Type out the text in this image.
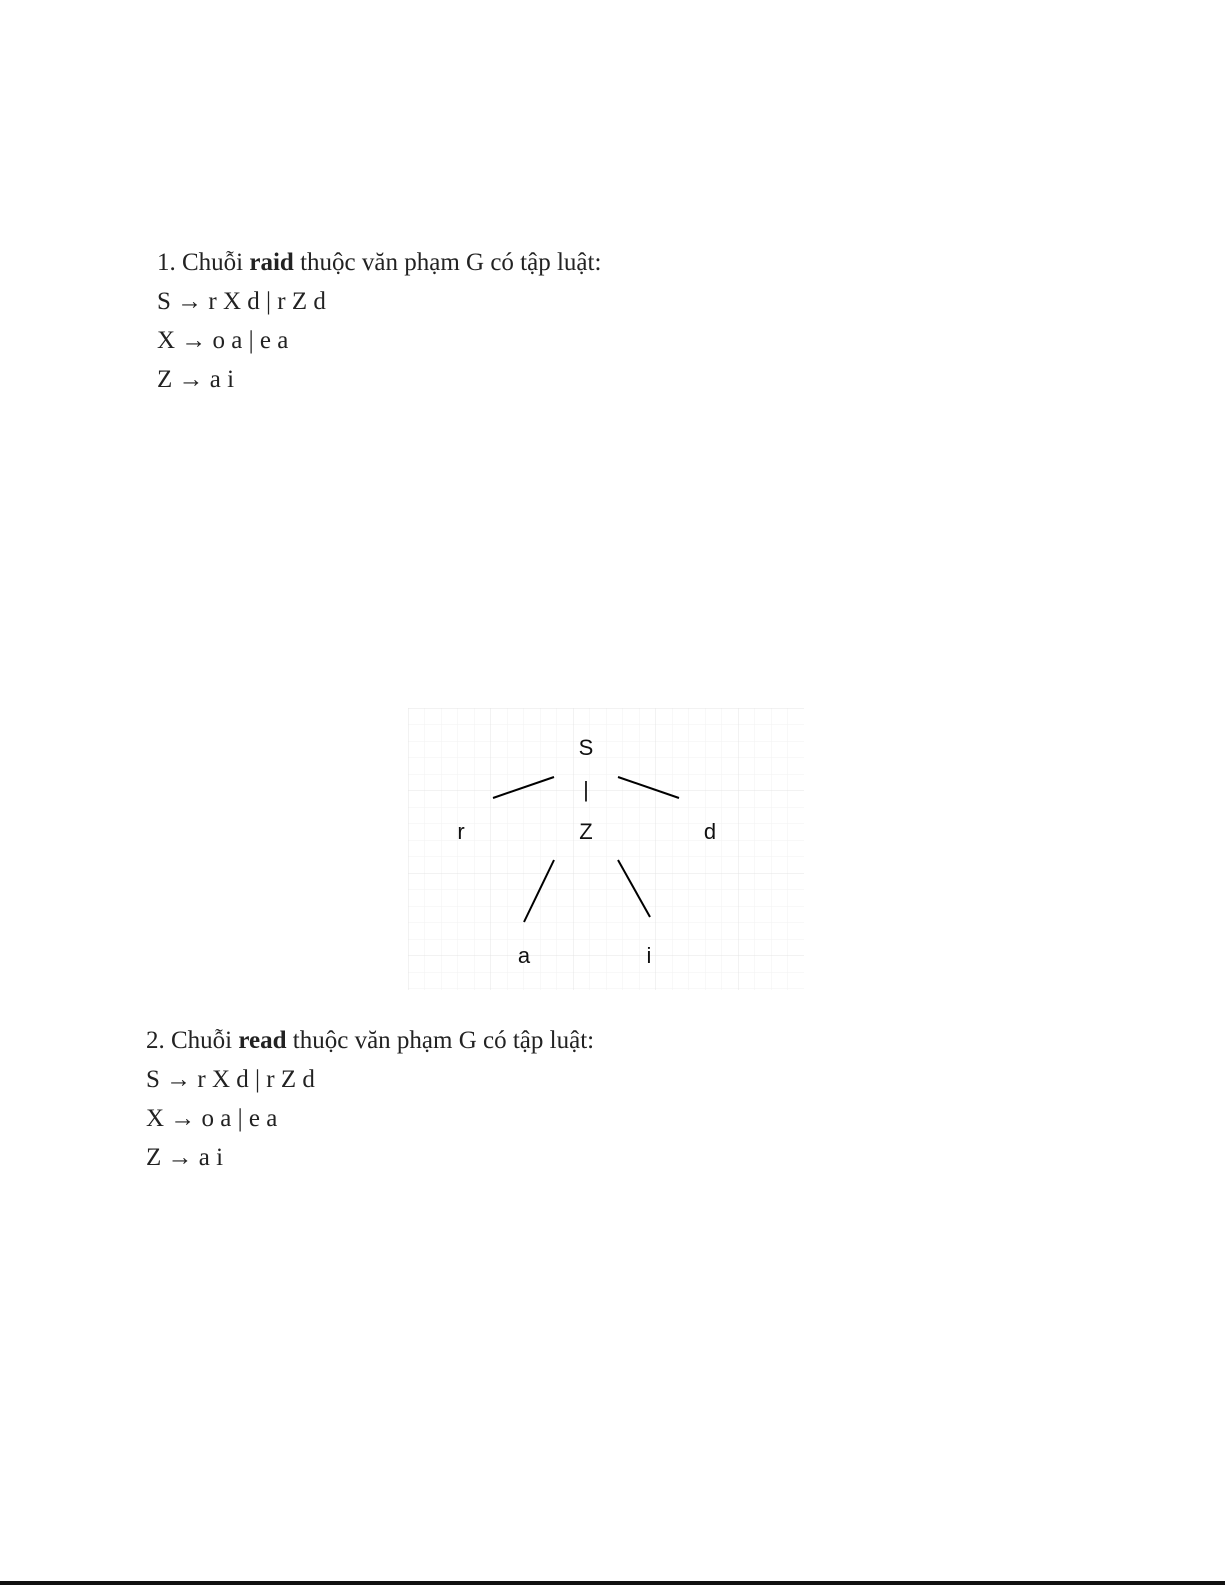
1. Chuỗi raid thuộc văn phạm G có tập luật:
S → r X d | r Z d
X → o a | e a
Z → a i
S
|
r	Z	d
a	i
2. Chuỗi read thuộc văn phạm G có tập luật:
S → r X d | r Z d
X → o a | e a
Z → a i
